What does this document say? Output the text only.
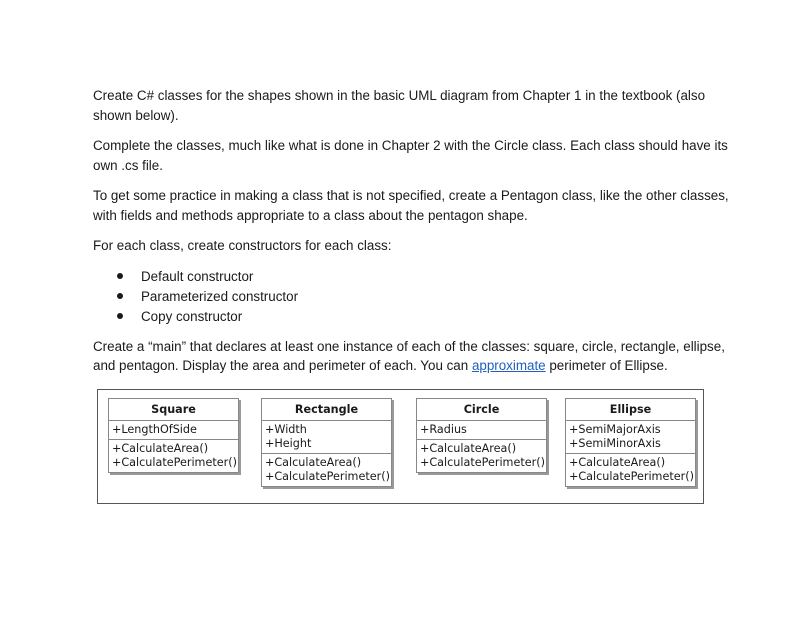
Create C# classes for the shapes shown in the basic UML diagram from Chapter 1 in the textbook (also shown below).

Complete the classes, much like what is done in Chapter 2 with the Circle class. Each class should have its own .cs file.

To get some practice in making a class that is not specified, create a Pentagon class, like the other classes, with fields and methods appropriate to a class about the pentagon shape.

For each class, create constructors for each class:

Default constructor
Parameterized constructor
Copy constructor

Create a “main” that declares at least one instance of each of the classes: square, circle, rectangle, ellipse, and pentagon. Display the area and perimeter of each. You can approximate perimeter of Ellipse.

Square
+LengthOfSide
+CalculateArea()
+CalculatePerimeter()
Rectangle
+Width
+Height
+CalculateArea()
+CalculatePerimeter()
Circle
+Radius
+CalculateArea()
+CalculatePerimeter()
Ellipse
+SemiMajorAxis
+SemiMinorAxis
+CalculateArea()
+CalculatePerimeter()
